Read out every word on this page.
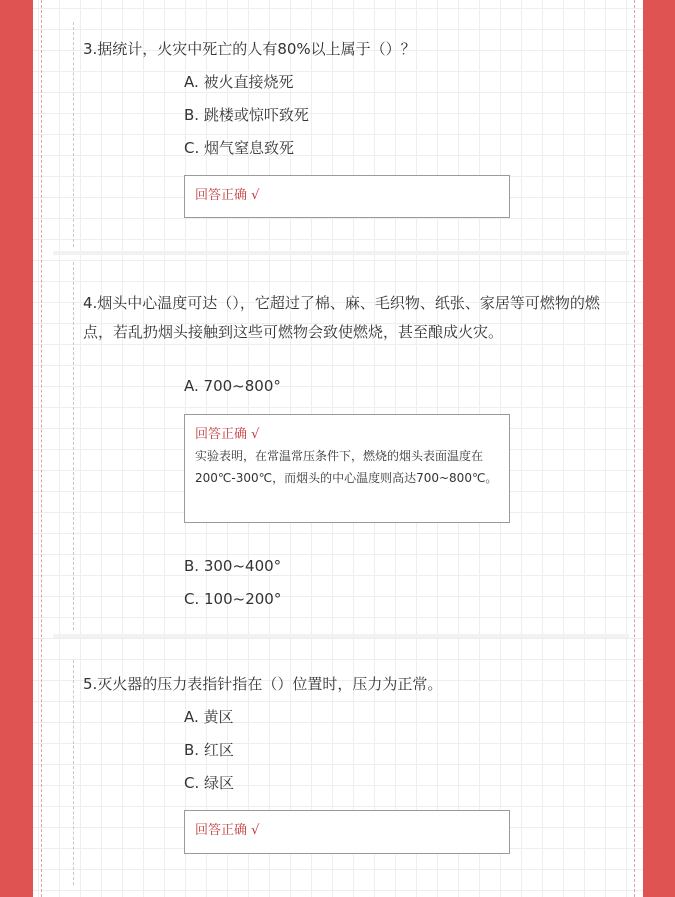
3.据统计，火灾中死亡的人有80%以上属于（）？

A. 被火直接烧死
B. 跳楼或惊吓致死
C. 烟气窒息致死
回答正确 √

4.烟头中心温度可达（），它超过了棉、麻、毛织物、纸张、家居等可燃物的燃点，若乱扔烟头接触到这些可燃物会致使燃烧，甚至酿成火灾。

A. 700~800°
回答正确 √
实验表明，在常温常压条件下，燃烧的烟头表面温度在200℃-300℃，而烟头的中心温度则高达700~800℃。
B. 300~400°
C. 100~200°

5.灭火器的压力表指针指在（）位置时，压力为正常。

A. 黄区
B. 红区
C. 绿区
回答正确 √
